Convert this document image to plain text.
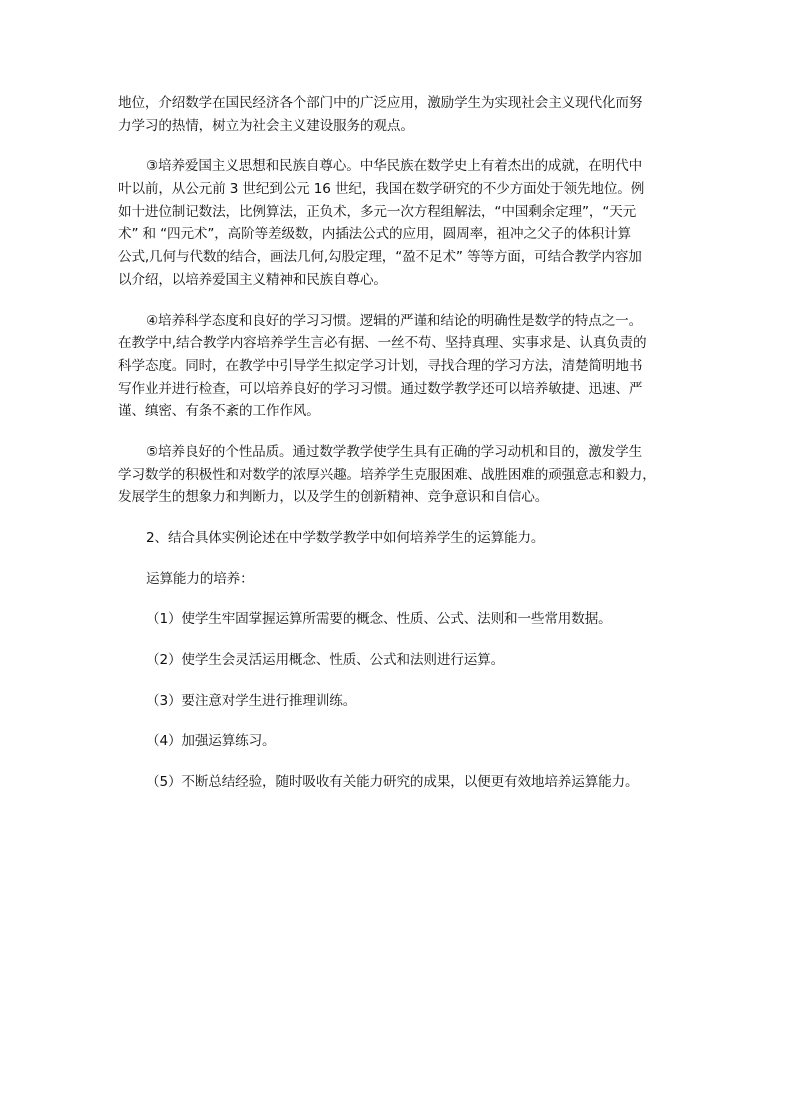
地位，介绍数学在国民经济各个部门中的广泛应用，激励学生为实现社会主义现代化而努
力学习的热情，树立为社会主义建设服务的观点。
③培养爱国主义思想和民族自尊心。中华民族在数学史上有着杰出的成就，在明代中
叶以前，从公元前 3 世纪到公元 16 世纪，我国在数学研究的不少方面处于领先地位。例
如十进位制记数法，比例算法，正负术，多元一次方程组解法，“中国剩余定理”，“天元
术” 和 “四元术”，高阶等差级数，内插法公式的应用，圆周率，祖冲之父子的体积计算
公式,几何与代数的结合，画法几何,勾股定理，“盈不足术” 等等方面，可结合教学内容加
以介绍，以培养爱国主义精神和民族自尊心。
④培养科学态度和良好的学习习惯。逻辑的严谨和结论的明确性是数学的特点之一。
在教学中,结合教学内容培养学生言必有据、一丝不苟、坚持真理、实事求是、认真负责的
科学态度。同时，在教学中引导学生拟定学习计划，寻找合理的学习方法，清楚简明地书
写作业并进行检查，可以培养良好的学习习惯。通过数学教学还可以培养敏捷、迅速、严
谨、缜密、有条不紊的工作作风。
⑤培养良好的个性品质。通过数学教学使学生具有正确的学习动机和目的，激发学生
学习数学的积极性和对数学的浓厚兴趣。培养学生克服困难、战胜困难的顽强意志和毅力，
发展学生的想象力和判断力，以及学生的创新精神、竞争意识和自信心。
2、结合具体实例论述在中学数学教学中如何培养学生的运算能力。
运算能力的培养：
（1）使学生牢固掌握运算所需要的概念、性质、公式、法则和一些常用数据。
（2）使学生会灵活运用概念、性质、公式和法则进行运算。
（3）要注意对学生进行推理训练。
（4）加强运算练习。
（5）不断总结经验，随时吸收有关能力研究的成果，以便更有效地培养运算能力。
